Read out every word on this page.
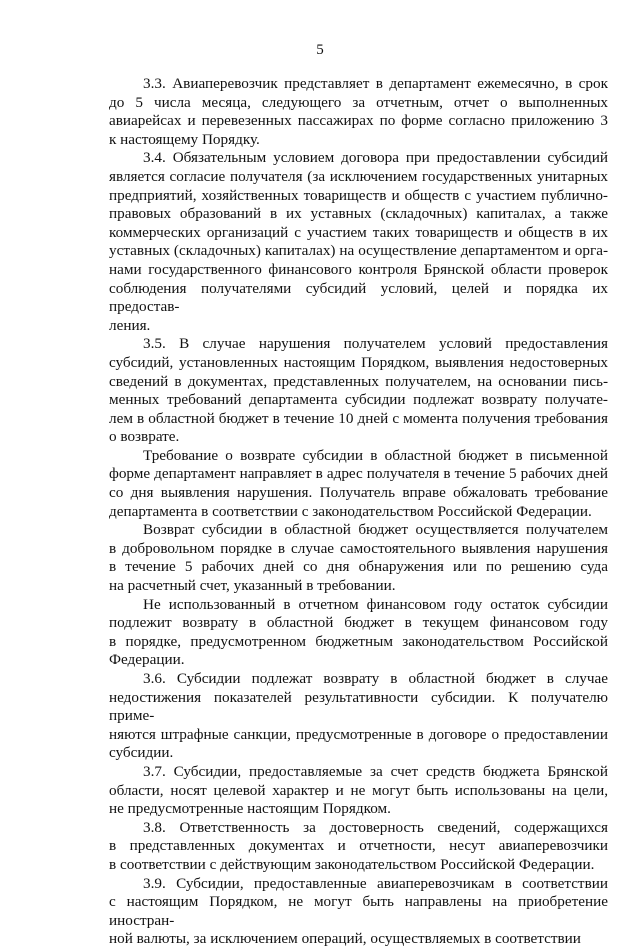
5

3.3. Авиаперевозчик представляет в департамент ежемесячно, в срок
до 5 числа месяца, следующего за отчетным, отчет о выполненных
авиарейсах и перевезенных пассажирах по форме согласно приложению 3
к настоящему Порядку.

3.4. Обязательным условием договора при предоставлении субсидий
является согласие получателя (за исключением государственных унитарных
предприятий, хозяйственных товариществ и обществ с участием публично-
правовых образований в их уставных (складочных) капиталах, а также
коммерческих организаций с участием таких товариществ и обществ в их
уставных (складочных) капиталах) на осуществление департаментом и орга-
нами государственного финансового контроля Брянской области проверок
соблюдения получателями субсидий условий, целей и порядка их предостав-
ления.

3.5. В случае нарушения получателем условий предоставления
субсидий, установленных настоящим Порядком, выявления недостоверных
сведений в документах, представленных получателем, на основании пись-
менных требований департамента субсидии подлежат возврату получате-
лем в областной бюджет в течение 10 дней с момента получения требования
о возврате.

Требование о возврате субсидии в областной бюджет в письменной
форме департамент направляет в адрес получателя в течение 5 рабочих дней
со дня выявления нарушения. Получатель вправе обжаловать требование
департамента в соответствии с законодательством Российской Федерации.

Возврат субсидии в областной бюджет осуществляется получателем
в добровольном порядке в случае самостоятельного выявления нарушения
в течение 5 рабочих дней со дня обнаружения или по решению суда
на расчетный счет, указанный в требовании.

Не использованный в отчетном финансовом году остаток субсидии
подлежит возврату в областной бюджет в текущем финансовом году
в порядке, предусмотренном бюджетным законодательством Российской
Федерации.

3.6. Субсидии подлежат возврату в областной бюджет в случае
недостижения показателей результативности субсидии. К получателю приме-
няются штрафные санкции, предусмотренные в договоре о предоставлении
субсидии.

3.7. Субсидии, предоставляемые за счет средств бюджета Брянской
области, носят целевой характер и не могут быть использованы на цели,
не предусмотренные настоящим Порядком.

3.8. Ответственность за достоверность сведений, содержащихся
в представленных документах и отчетности, несут авиаперевозчики
в соответствии с действующим законодательством Российской Федерации.

3.9. Субсидии, предоставленные авиаперевозчикам в соответствии
с настоящим Порядком, не могут быть направлены на приобретение иностран-
ной валюты, за исключением операций, осуществляемых в соответствии
